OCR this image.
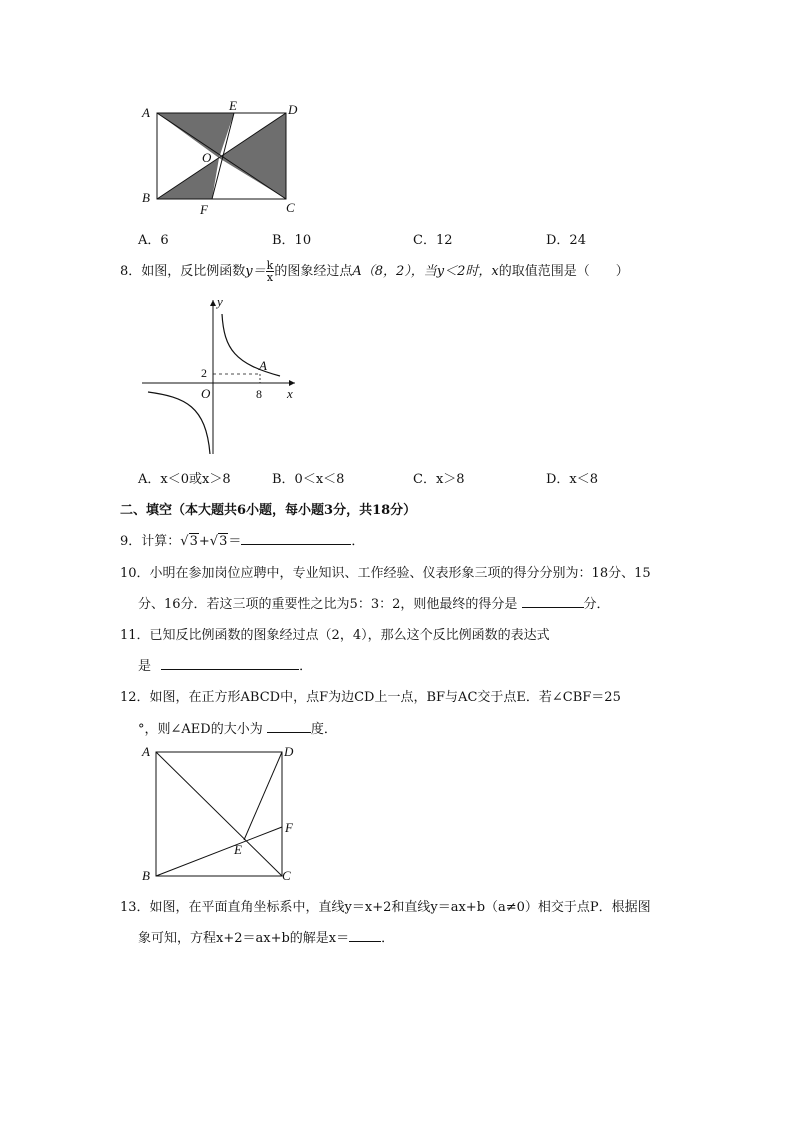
A	E	D
O
B
F	C
A．6	B．10	C．12	D．24
8．如图，反比例函数$y= \frac{k}{x}$ 的图象经过点A（8，2），当y＜2时，x的取值范围是（　　）
y
x
O
2
8
A
A．x＜0或x＞8	B．0＜x＜8	C．x＞8	D．x＜8
二、填空（本大题共6小题，每小题3分，共18分）
9．计算：√3+√3＝	．
10．小明在参加岗位应聘中，专业知识、工作经验、仪表形象三项的得分分别为：18分、15
分、16分．若这三项的重要性之比为5：3：2，则他最终的得分是	分．
11．已知反比例函数的图象经过点（2，4），那么这个反比例函数的表达式
是	．
12．如图，在正方形ABCD中，点F为边CD上一点，BF与AC交于点E．若∠CBF＝25
°，则∠AED的大小为	度．
A	D
F
E
B	C
13．如图，在平面直角坐标系中，直线y＝x+2和直线y＝ax+b（a≠0）相交于点P．根据图
象可知，方程x+2＝ax+b的解是x＝ ．
